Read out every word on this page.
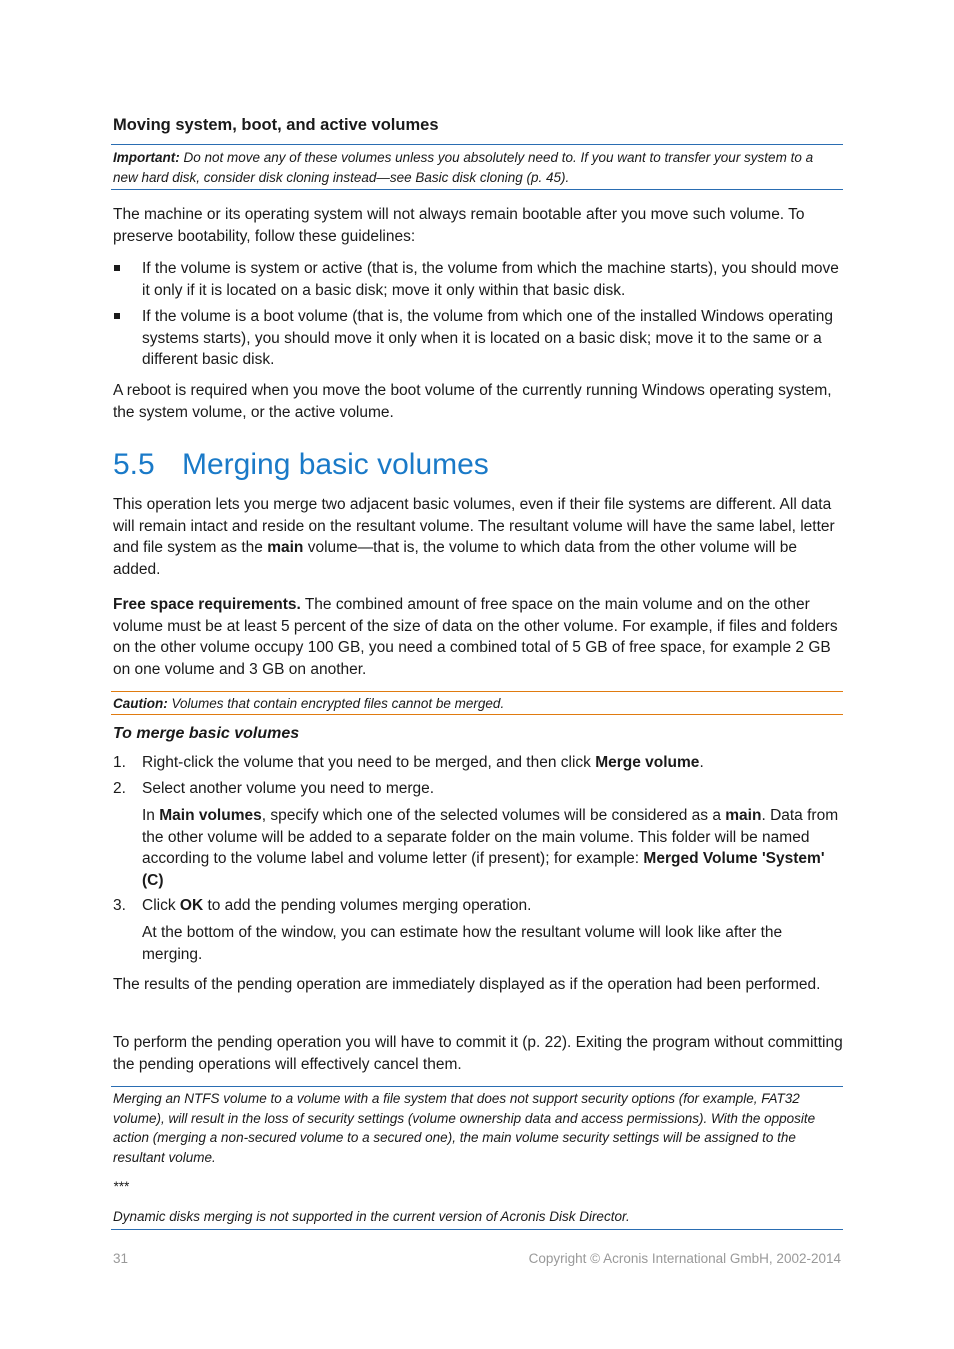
Moving system, boot, and active volumes
Important: Do not move any of these volumes unless you absolutely need to. If you want to transfer your system to a new hard disk, consider disk cloning instead—see Basic disk cloning (p. 45).

The machine or its operating system will not always remain bootable after you move such volume. To preserve bootability, follow these guidelines:

If the volume is system or active (that is, the volume from which the machine starts), you should move it only if it is located on a basic disk; move it only within that basic disk.
If the volume is a boot volume (that is, the volume from which one of the installed Windows operating systems starts), you should move it only when it is located on a basic disk; move it to the same or a different basic disk.

A reboot is required when you move the boot volume of the currently running Windows operating system, the system volume, or the active volume.

5.5 Merging basic volumes

This operation lets you merge two adjacent basic volumes, even if their file systems are different. All data will remain intact and reside on the resultant volume. The resultant volume will have the same label, letter and file system as the main volume—that is, the volume to which data from the other volume will be added.

Free space requirements. The combined amount of free space on the main volume and on the other volume must be at least 5 percent of the size of data on the other volume. For example, if files and folders on the other volume occupy 100 GB, you need a combined total of 5 GB of free space, for example 2 GB on one volume and 3 GB on another.

Caution: Volumes that contain encrypted files cannot be merged.
To merge basic volumes
1. Right-click the volume that you need to be merged, and then click Merge volume.
2. Select another volume you need to merge.
In Main volumes, specify which one of the selected volumes will be considered as a main. Data from the other volume will be added to a separate folder on the main volume. This folder will be named according to the volume label and volume letter (if present); for example: Merged Volume 'System' (C)
3. Click OK to add the pending volumes merging operation.
At the bottom of the window, you can estimate how the resultant volume will look like after the merging.

The results of the pending operation are immediately displayed as if the operation had been performed.

To perform the pending operation you will have to commit it (p. 22). Exiting the program without committing the pending operations will effectively cancel them.

Merging an NTFS volume to a volume with a file system that does not support security options (for example, FAT32 volume), will result in the loss of security settings (volume ownership data and access permissions). With the opposite action (merging a non-secured volume to a secured one), the main volume security settings will be assigned to the resultant volume.
***
Dynamic disks merging is not supported in the current version of Acronis Disk Director.
31	Copyright © Acronis International GmbH, 2002-2014
